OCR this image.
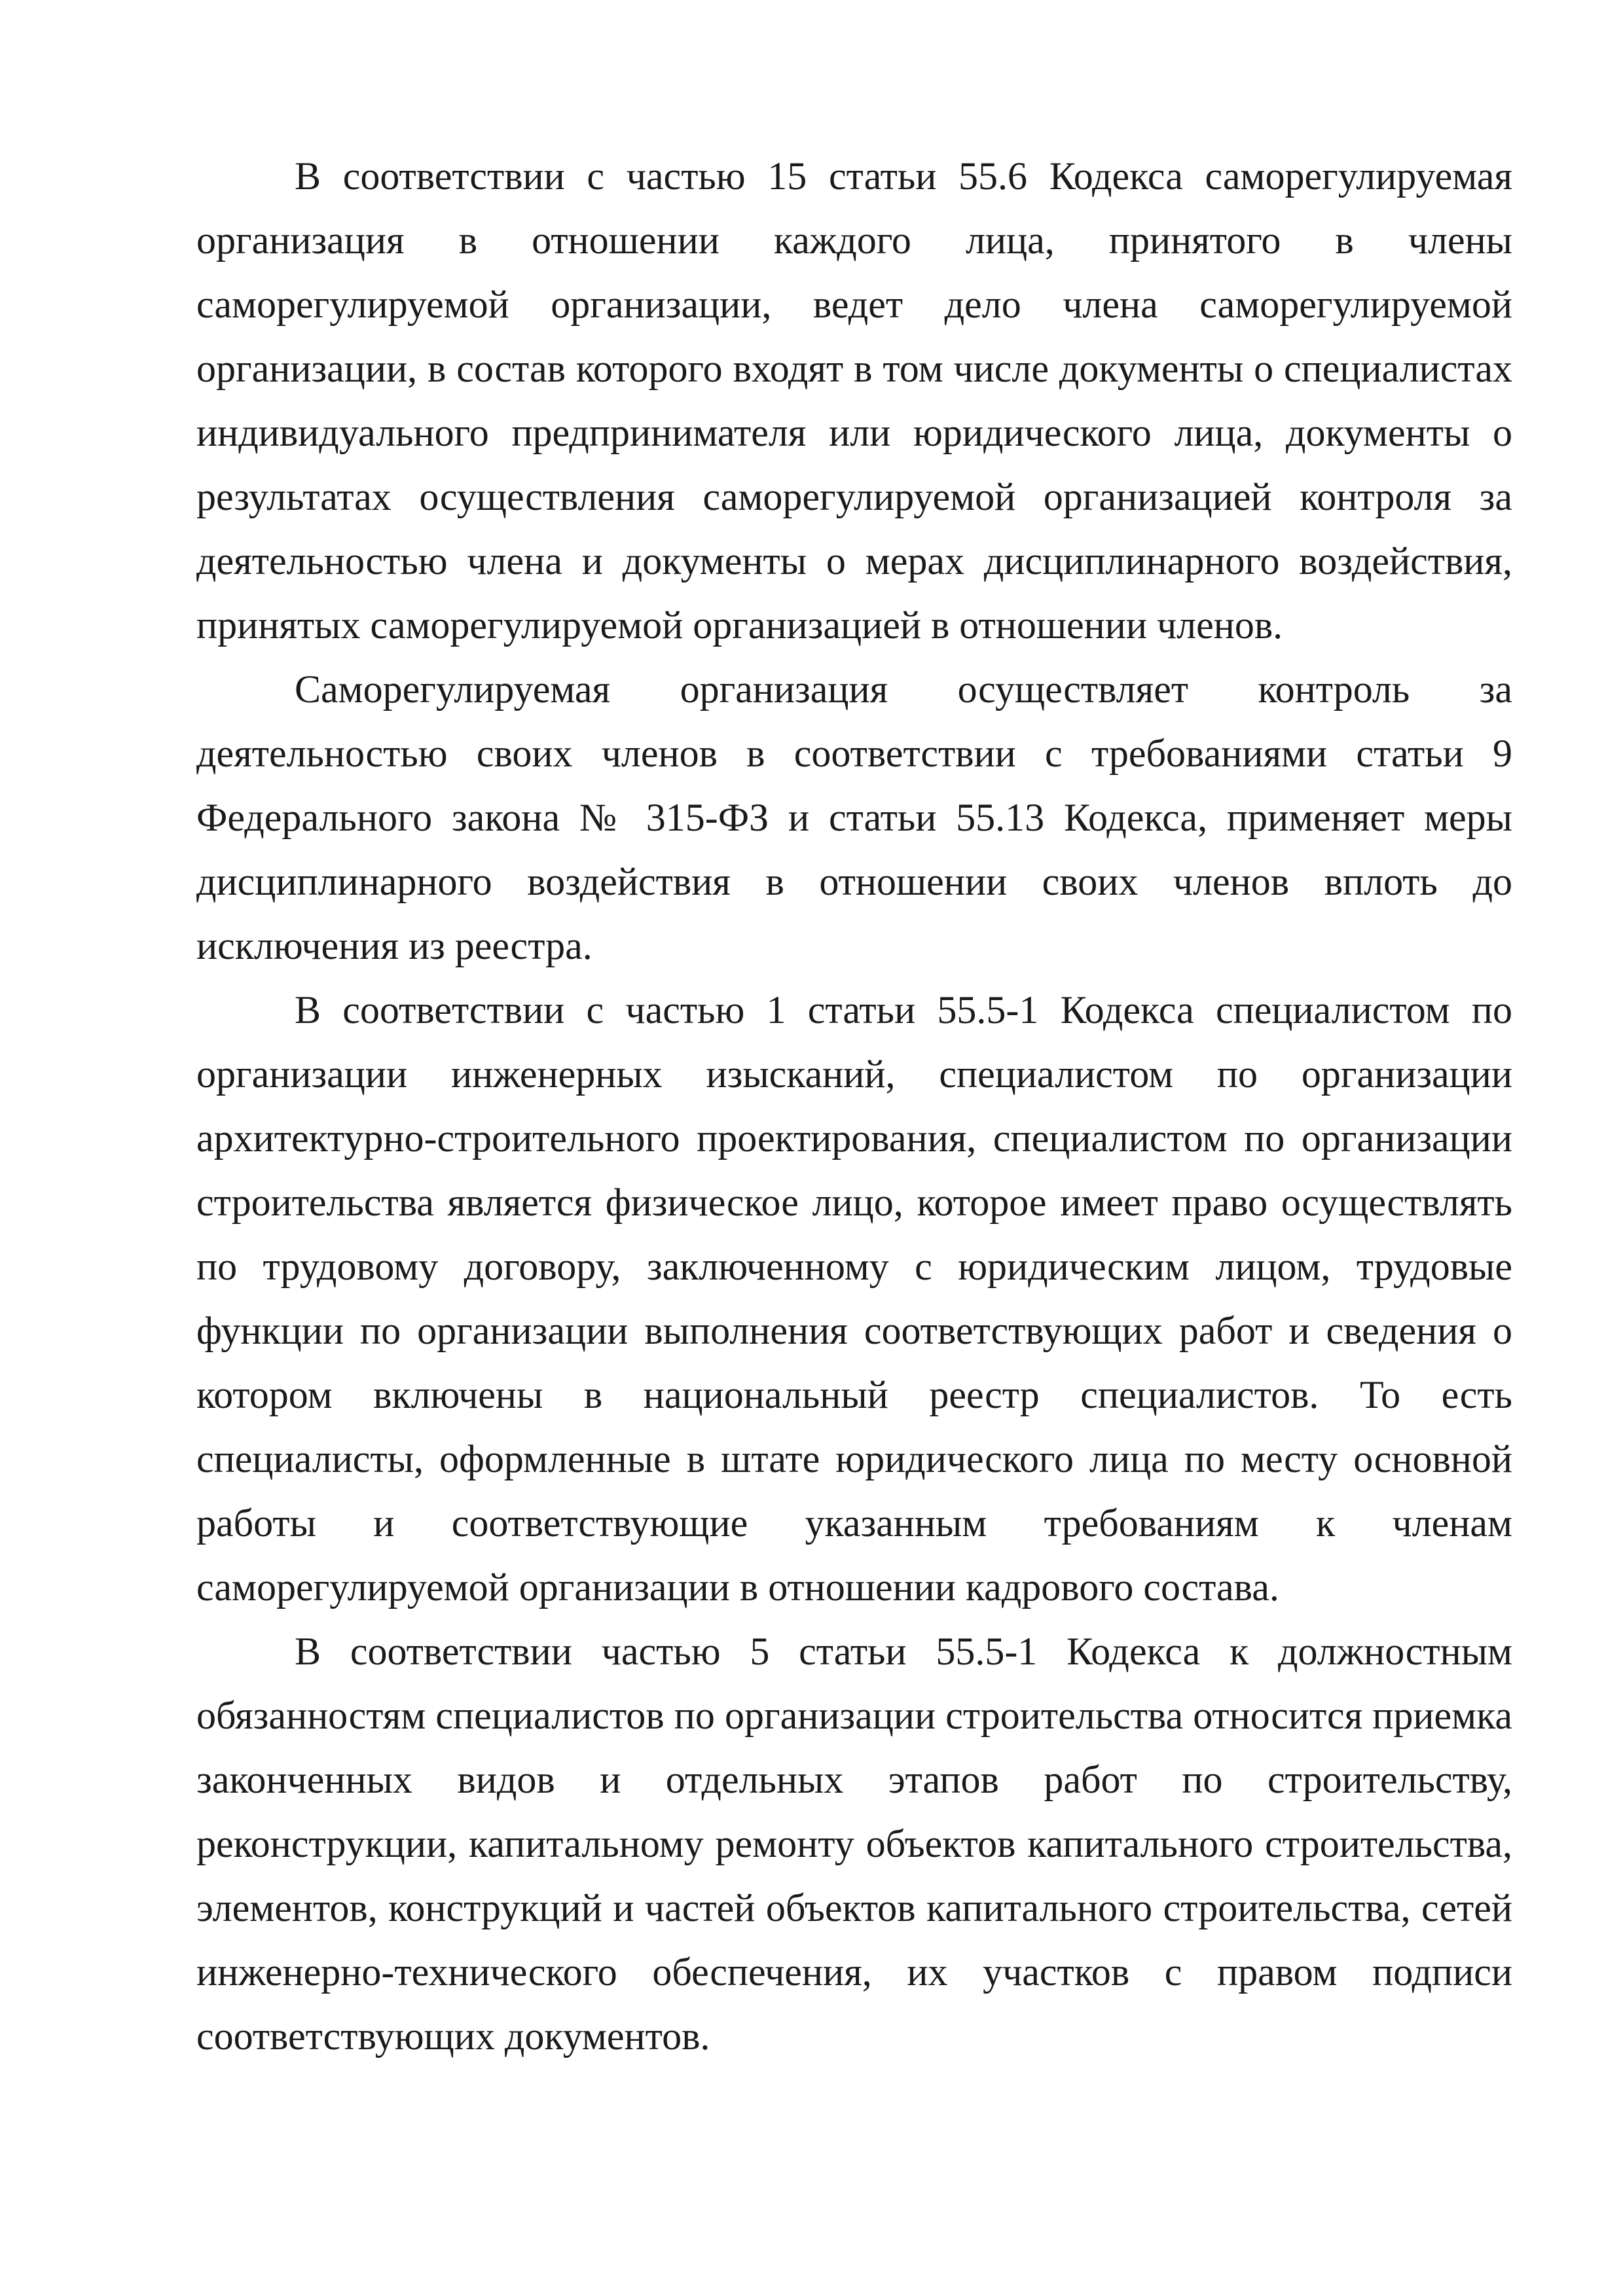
В соответствии с частью 15 статьи 55.6 Кодекса саморегулируемая организация в отношении каждого лица, принятого в члены саморегулируемой организации, ведет дело члена саморегулируемой организации, в состав которого входят в том числе документы о специалистах индивидуального предпринимателя или юридического лица, документы о результатах осуществления саморегулируемой организацией контроля за деятельностью члена и документы о мерах дисциплинарного воздействия, принятых саморегулируемой организацией в отношении членов.

Саморегулируемая организация осуществляет контроль за деятельностью своих членов в соответствии с требованиями статьи 9 Федерального закона № 315-ФЗ и статьи 55.13 Кодекса, применяет меры дисциплинарного воздействия в отношении своих членов вплоть до исключения из реестра.

В соответствии с частью 1 статьи 55.5-1 Кодекса специалистом по организации инженерных изысканий, специалистом по организации архитектурно-строительного проектирования, специалистом по организации строительства является физическое лицо, которое имеет право осуществлять по трудовому договору, заключенному с юридическим лицом, трудовые функции по организации выполнения соответствующих работ и сведения о котором включены в национальный реестр специалистов. То есть специалисты, оформленные в штате юридического лица по месту основной работы и соответствующие указанным требованиям к членам саморегулируемой организации в отношении кадрового состава.

В соответствии частью 5 статьи 55.5-1 Кодекса к должностным обязанностям специалистов по организации строительства относится приемка законченных видов и отдельных этапов работ по строительству, реконструкции, капитальному ремонту объектов капитального строительства, элементов, конструкций и частей объектов капитального строительства, сетей инженерно-технического обеспечения, их участков с правом подписи соответствующих документов.
